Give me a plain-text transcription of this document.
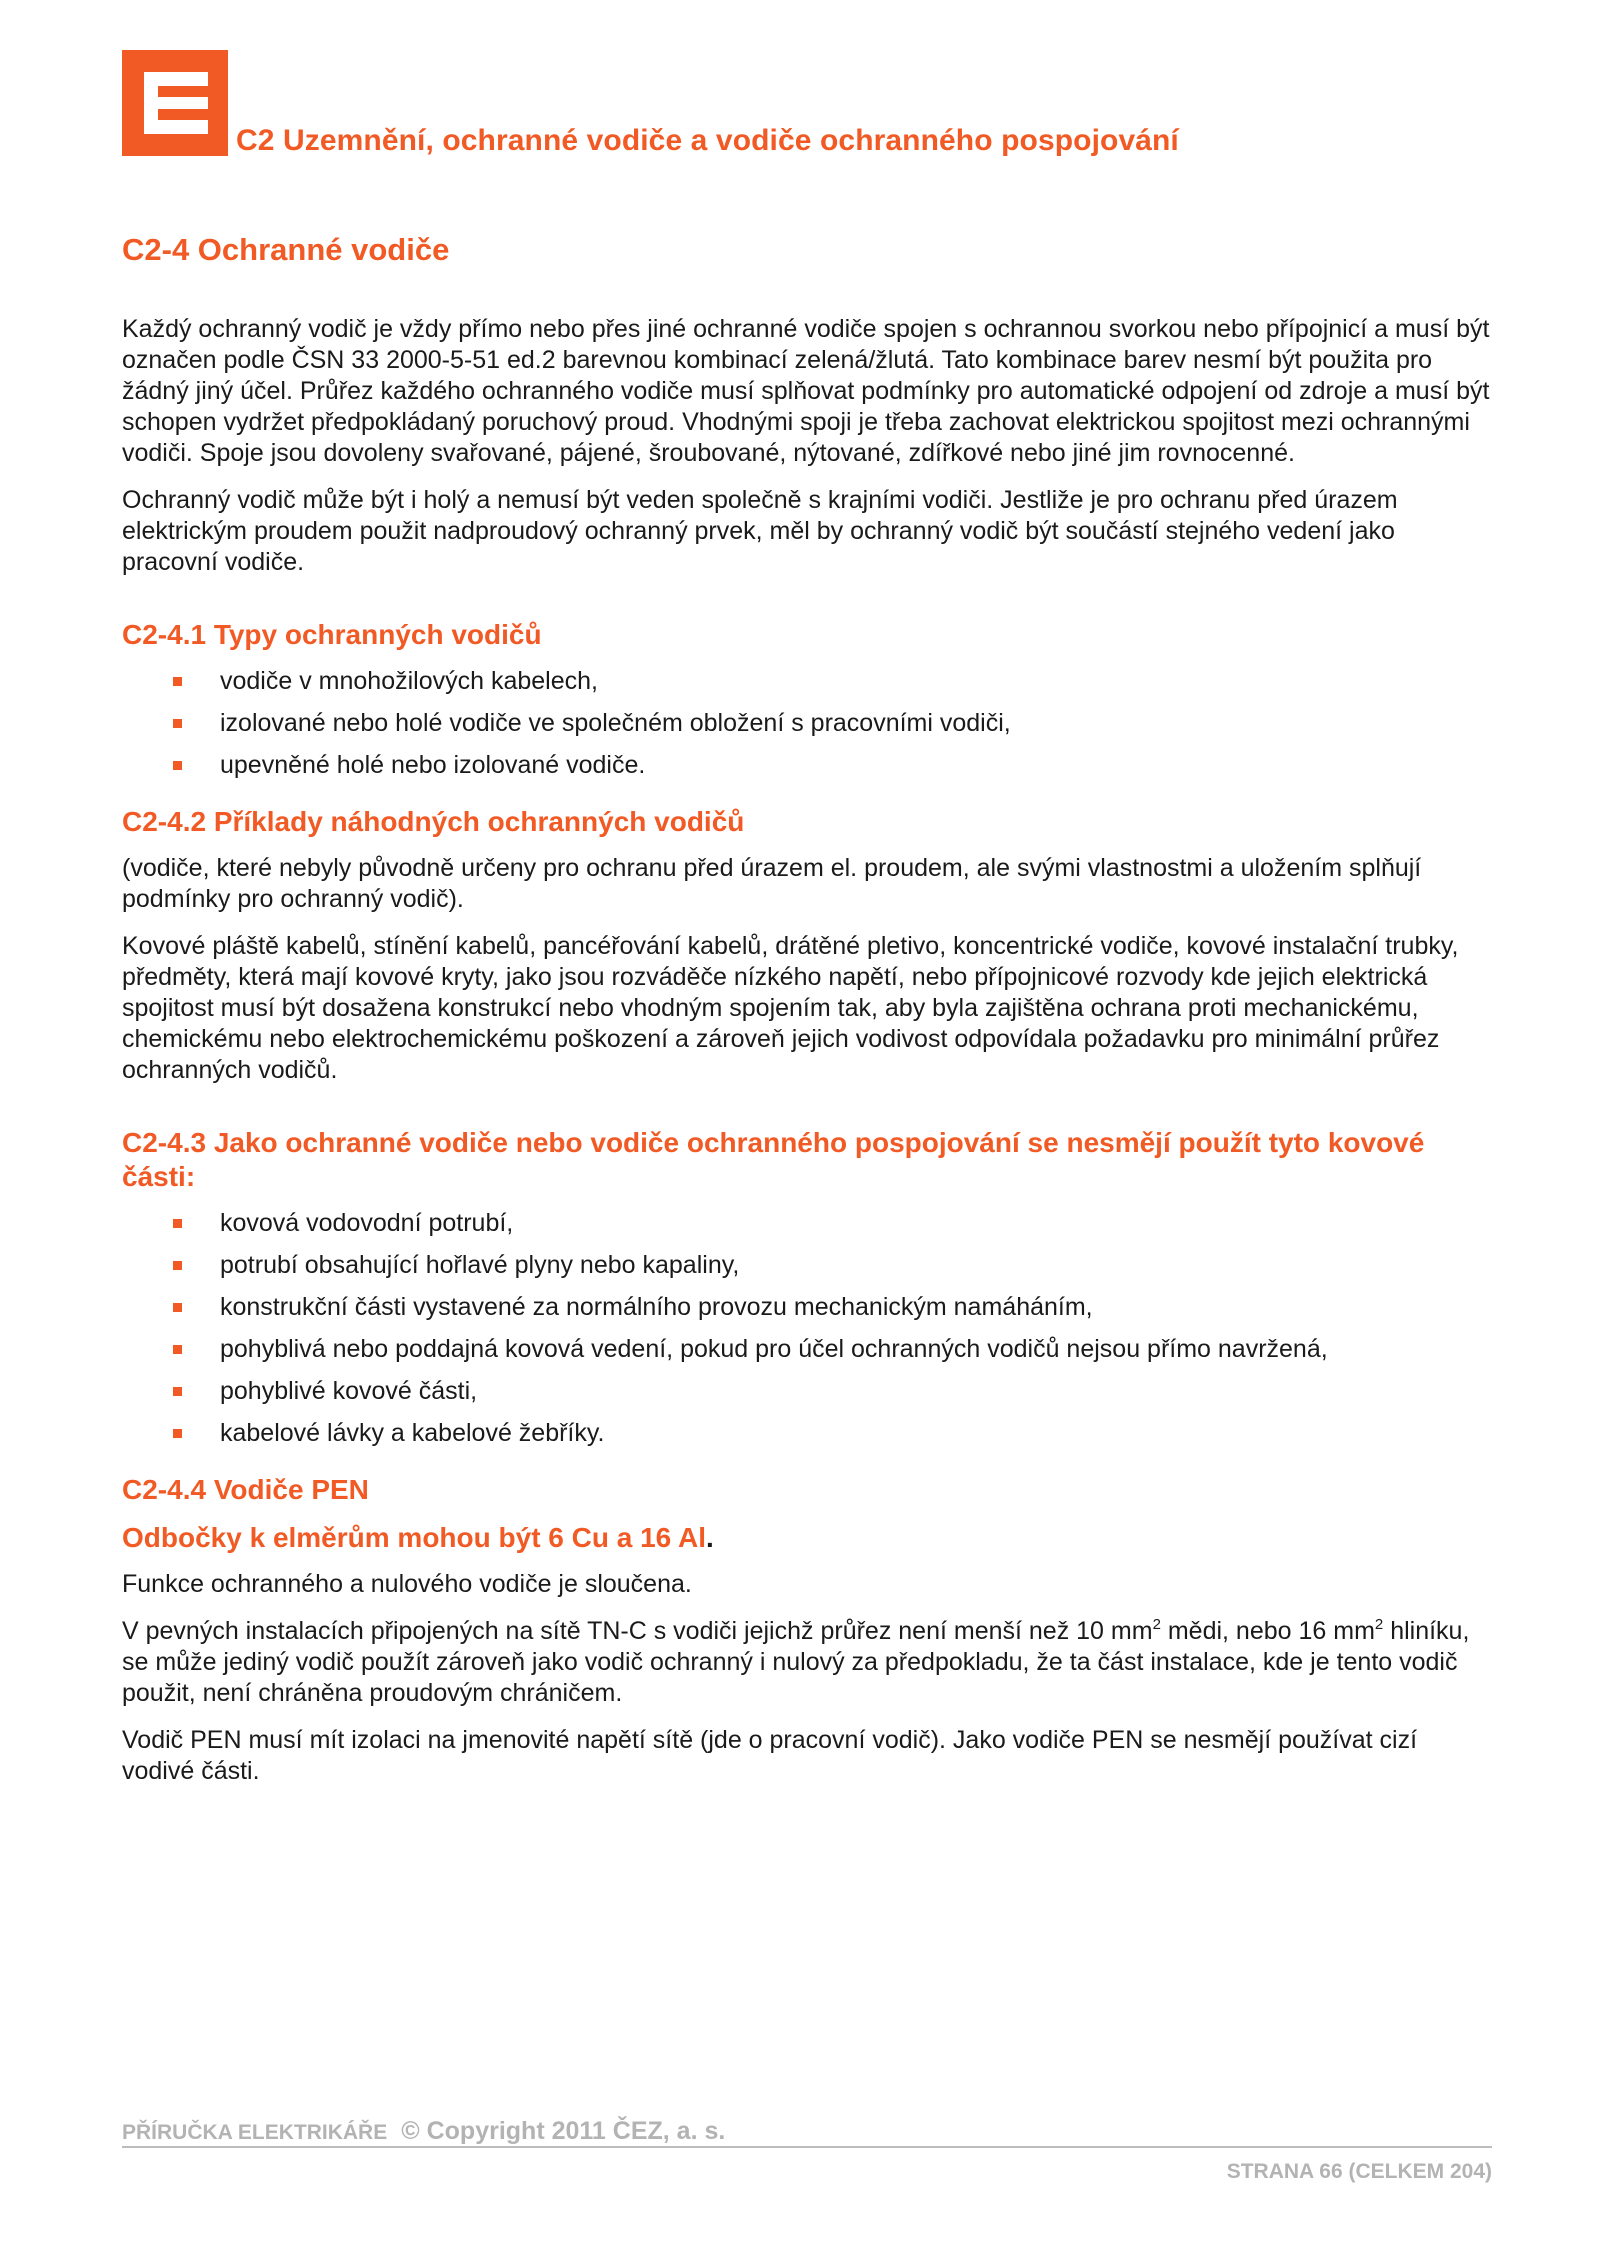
C2 Uzemnění, ochranné vodiče a vodiče ochranného pospojování
C2-4 Ochranné vodiče

Každý ochranný vodič je vždy přímo nebo přes jiné ochranné vodiče spojen s ochrannou svorkou nebo přípojnicí a musí být označen podle ČSN 33 2000-5-51 ed.2 barevnou kombinací zelená/žlutá. Tato kombinace barev nesmí být použita pro žádný jiný účel. Průřez každého ochranného vodiče musí splňovat podmínky pro automatické odpojení od zdroje a musí být schopen vydržet předpokládaný poruchový proud. Vhodnými spoji je třeba zachovat elektrickou spojitost mezi ochrannými vodiči. Spoje jsou dovoleny svařované, pájené, šroubované, nýtované, zdířkové nebo jiné jim rovnocenné.

Ochranný vodič může být i holý a nemusí být veden společně s krajními vodiči. Jestliže je pro ochranu před úrazem elektrickým proudem použit nadproudový ochranný prvek, měl by ochranný vodič být součástí stejného vedení jako pracovní vodiče.

C2-4.1 Typy ochranných vodičů
vodiče v mnohožilových kabelech,
izolované nebo holé vodiče ve společném obložení s pracovními vodiči,
upevněné holé nebo izolované vodiče.
C2-4.2 Příklady náhodných ochranných vodičů

(vodiče, které nebyly původně určeny pro ochranu před úrazem el. proudem, ale svými vlastnostmi a uložením splňují podmínky pro ochranný vodič).

Kovové pláště kabelů, stínění kabelů, pancéřování kabelů, drátěné pletivo, koncentrické vodiče, kovové instalační trubky, předměty, která mají kovové kryty, jako jsou rozváděče nízkého napětí, nebo přípojnicové rozvody kde jejich elektrická spojitost musí být dosažena konstrukcí nebo vhodným spojením tak, aby byla zajištěna ochrana proti mechanickému, chemickému nebo elektrochemickému poškození a zároveň jejich vodivost odpovídala požadavku pro minimální průřez ochranných vodičů.

C2-4.3 Jako ochranné vodiče nebo vodiče ochranného pospojování se nesmějí použít tyto kovové části:
kovová vodovodní potrubí,
potrubí obsahující hořlavé plyny nebo kapaliny,
konstrukční části vystavené za normálního provozu mechanickým namáháním,
pohyblivá nebo poddajná kovová vedení, pokud pro účel ochranných vodičů nejsou přímo navržená,
pohyblivé kovové části,
kabelové lávky a kabelové žebříky.
C2-4.4 Vodiče PEN
Odbočky k elměrům mohou být 6 Cu a 16 Al.

Funkce ochranného a nulového vodiče je sloučena.

V pevných instalacích připojených na sítě TN-C s vodiči jejichž průřez není menší než 10 $mm^2$ mědi, nebo 16 $mm^2$ hliníku, se může jediný vodič použít zároveň jako vodič ochranný i nulový za předpokladu, že ta část instalace, kde je tento vodič použit, není chráněna proudovým chráničem.

Vodič PEN musí mít izolaci na jmenovité napětí sítě (jde o pracovní vodič). Jako vodiče PEN se nesmějí používat cizí vodivé části.

PŘÍRUČKA ELEKTRIKÁŘE © Copyright 2011 ČEZ, a. s.
STRANA 66 (CELKEM 204)
